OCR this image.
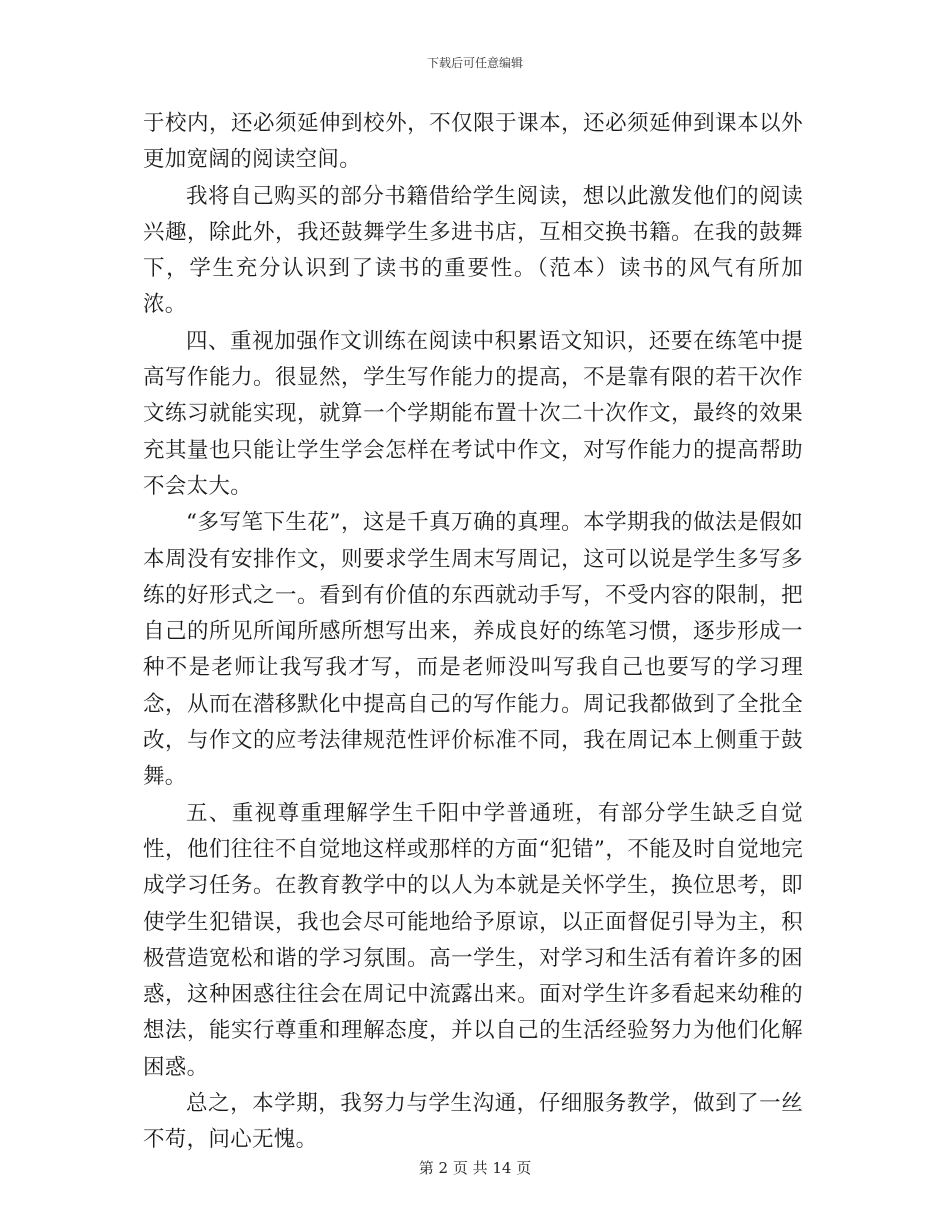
下载后可任意编辑

于校内，还必须延伸到校外，不仅限于课本，还必须延伸到课本以外更加宽阔的阅读空间。

我将自己购买的部分书籍借给学生阅读，想以此激发他们的阅读兴趣，除此外，我还鼓舞学生多进书店，互相交换书籍。在我的鼓舞下，学生充分认识到了读书的重要性。（范本）读书的风气有所加浓。

四、重视加强作文训练在阅读中积累语文知识，还要在练笔中提高写作能力。很显然，学生写作能力的提高，不是靠有限的若干次作文练习就能实现，就算一个学期能布置十次二十次作文，最终的效果充其量也只能让学生学会怎样在考试中作文，对写作能力的提高帮助不会太大。

“多写笔下生花”，这是千真万确的真理。本学期我的做法是假如本周没有安排作文，则要求学生周末写周记，这可以说是学生多写多练的好形式之一。看到有价值的东西就动手写，不受内容的限制，把自己的所见所闻所感所想写出来，养成良好的练笔习惯，逐步形成一种不是老师让我写我才写，而是老师没叫写我自己也要写的学习理念，从而在潜移默化中提高自己的写作能力。周记我都做到了全批全改，与作文的应考法律规范性评价标准不同，我在周记本上侧重于鼓舞。

五、重视尊重理解学生千阳中学普通班，有部分学生缺乏自觉性，他们往往不自觉地这样或那样的方面“犯错”，不能及时自觉地完成学习任务。在教育教学中的以人为本就是关怀学生，换位思考，即使学生犯错误，我也会尽可能地给予原谅，以正面督促引导为主，积极营造宽松和谐的学习氛围。高一学生，对学习和生活有着许多的困惑，这种困惑往往会在周记中流露出来。面对学生许多看起来幼稚的想法，能实行尊重和理解态度，并以自己的生活经验努力为他们化解困惑。

总之，本学期，我努力与学生沟通，仔细服务教学，做到了一丝不苟，问心无愧。

第 2 页 共 14 页
